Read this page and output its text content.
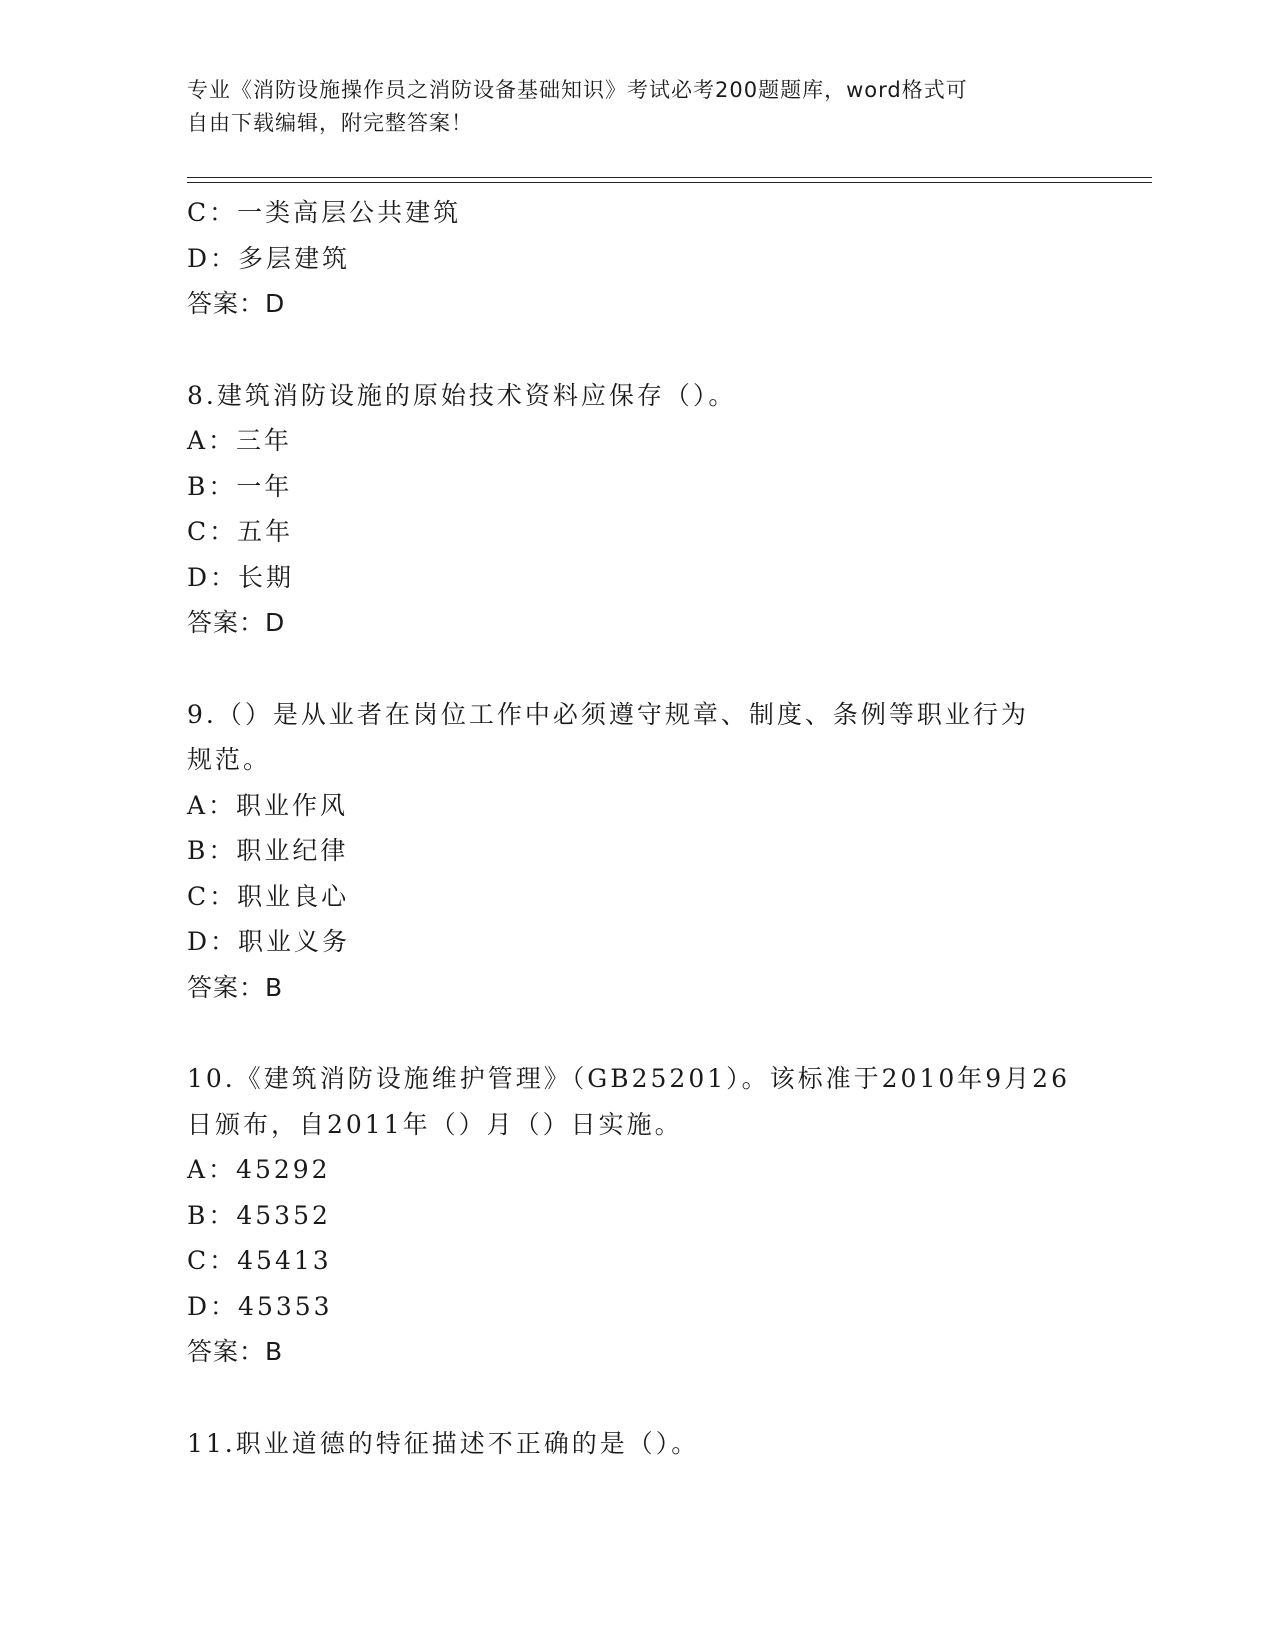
专业《消防设施操作员之消防设备基础知识》考试必考200题题库，word格式可
自由下载编辑，附完整答案！
C：一类高层公共建筑
D：多层建筑
答案：D
8.建筑消防设施的原始技术资料应保存（）。
A：三年
B：一年
C：五年
D：长期
答案：D
9.（）是从业者在岗位工作中必须遵守规章、制度、条例等职业行为
规范。
A：职业作风
B：职业纪律
C：职业良心
D：职业义务
答案：B
10.《建筑消防设施维护管理》（GB25201）。该标准于2010年9月26
日颁布，自2011年（）月（）日实施。
A：45292
B：45352
C：45413
D：45353
答案：B
11.职业道德的特征描述不正确的是（）。
